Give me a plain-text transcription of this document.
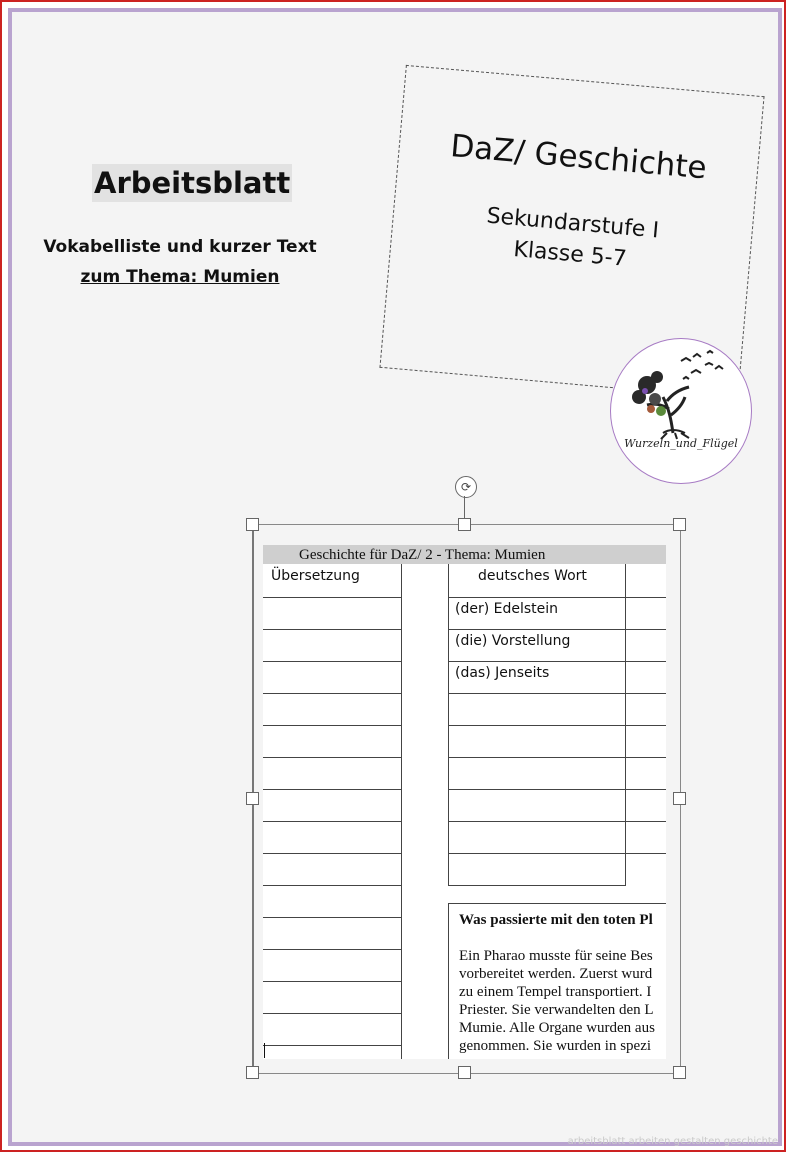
Arbeitsblatt
Vokabelliste und kurzer Text
zum Thema: Mumien
DaZ/ Geschichte
Sekundarstufe I
Klasse 5-7
Wurzeln_und_Flügel
⟳
Geschichte für DaZ/ 2 - Thema: Mumien
Übersetzung	deutsches Wort
(der) Edelstein
(die) Vorstellung
(das) Jenseits
Was passierte mit den toten Pl
Ein Pharao musste für seine Bes
vorbereitet werden. Zuerst wurd
zu einem Tempel transportiert. I
Priester. Sie verwandelten den L
Mumie. Alle Organe wurden aus
genommen. Sie wurden in spezi
arbeitsblatt arbeiten gestalten geschichte
